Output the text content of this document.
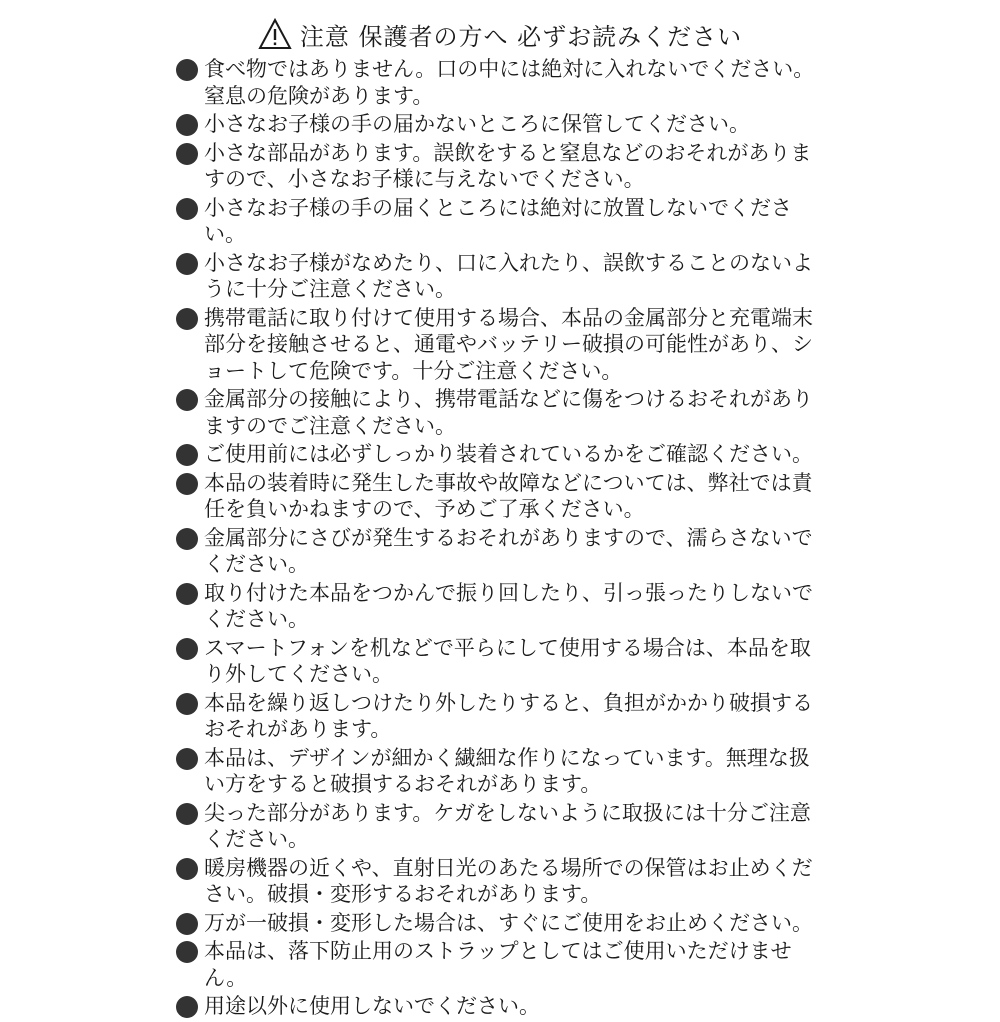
注意 保護者の方へ 必ずお読みください
食べ物ではありません。口の中には絶対に入れないでください。窒息の危険があります。
小さなお子様の手の届かないところに保管してください。
小さな部品があります。誤飲をすると窒息などのおそれがありますので、小さなお子様に与えないでください。
小さなお子様の手の届くところには絶対に放置しないでください。
小さなお子様がなめたり、口に入れたり、誤飲することのないように十分ご注意ください。
携帯電話に取り付けて使用する場合、本品の金属部分と充電端末部分を接触させると、通電やバッテリー破損の可能性があり、ショートして危険です。十分ご注意ください。
金属部分の接触により、携帯電話などに傷をつけるおそれがありますのでご注意ください。
ご使用前には必ずしっかり装着されているかをご確認ください。
本品の装着時に発生した事故や故障などについては、弊社では責任を負いかねますので、予めご了承ください。
金属部分にさびが発生するおそれがありますので、濡らさないでください。
取り付けた本品をつかんで振り回したり、引っ張ったりしないでください。
スマートフォンを机などで平らにして使用する場合は、本品を取り外してください。
本品を繰り返しつけたり外したりすると、負担がかかり破損するおそれがあります。
本品は、デザインが細かく繊細な作りになっています。無理な扱い方をすると破損するおそれがあります。
尖った部分があります。ケガをしないように取扱には十分ご注意ください。
暖房機器の近くや、直射日光のあたる場所での保管はお止めください。破損・変形するおそれがあります。
万が一破損・変形した場合は、すぐにご使用をお止めください。
本品は、落下防止用のストラップとしてはご使用いただけません。
用途以外に使用しないでください。
